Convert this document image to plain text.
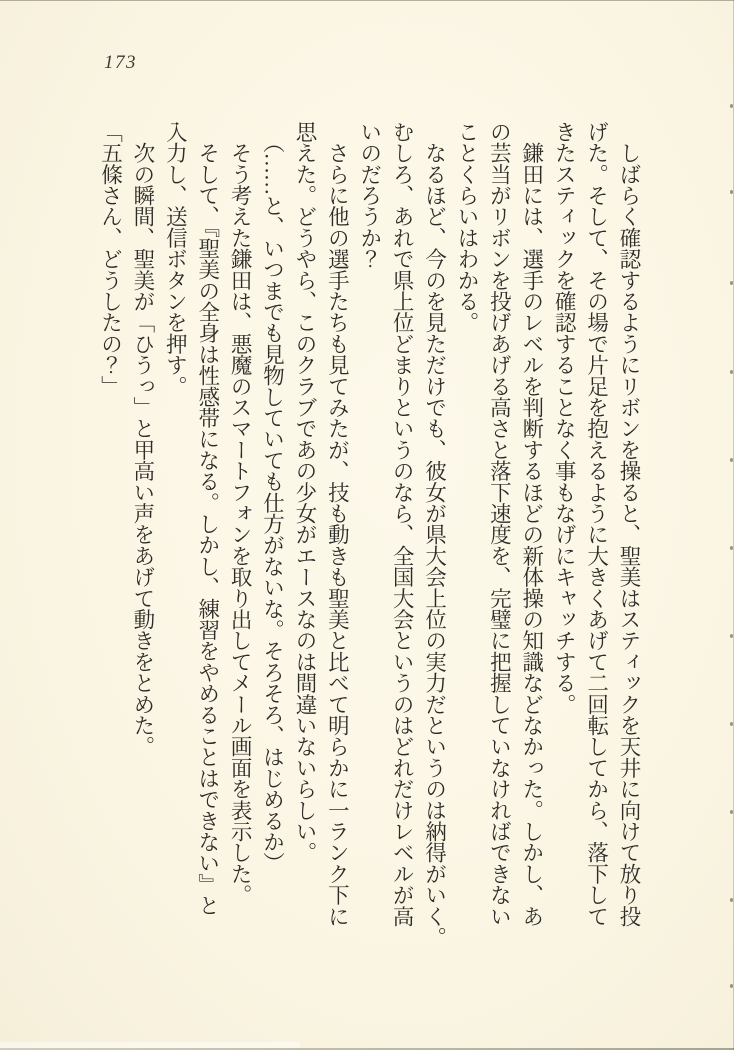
173

　しばらく確認するようにリボンを操ると、聖美はスティックを天井に向けて放り投

げた。そして、その場で片足を抱えるように大きくあげて二回転してから、落下して

きたスティックを確認することなく事もなげにキャッチする。

　鎌田には、選手のレベルを判断するほどの新体操の知識などなかった。しかし、あ

の芸当がリボンを投げあげる高さと落下速度を、完璧に把握していなければできない

ことくらいはわかる。

　なるほど、今のを見ただけでも、彼女が県大会上位の実力だというのは納得がいく。

むしろ、あれで県上位どまりというのなら、全国大会というのはどれだけレベルが高

いのだろうか？

　さらに他の選手たちも見てみたが、技も動きも聖美と比べて明らかに一ランク下に

思えた。どうやら、このクラブであの少女がエースなのは間違いないらしい。

　（……と、いつまでも見物していても仕方がないな。そろそろ、はじめるか）

　そう考えた鎌田は、悪魔のスマートフォンを取り出してメール画面を表示した。

　そして、『聖美の全身は性感帯になる。しかし、練習をやめることはできない』と

入力し、送信ボタンを押す。

　次の瞬間、聖美が「ひうっ」と甲高い声をあげて動きをとめた。

「五條さん、どうしたの？」
